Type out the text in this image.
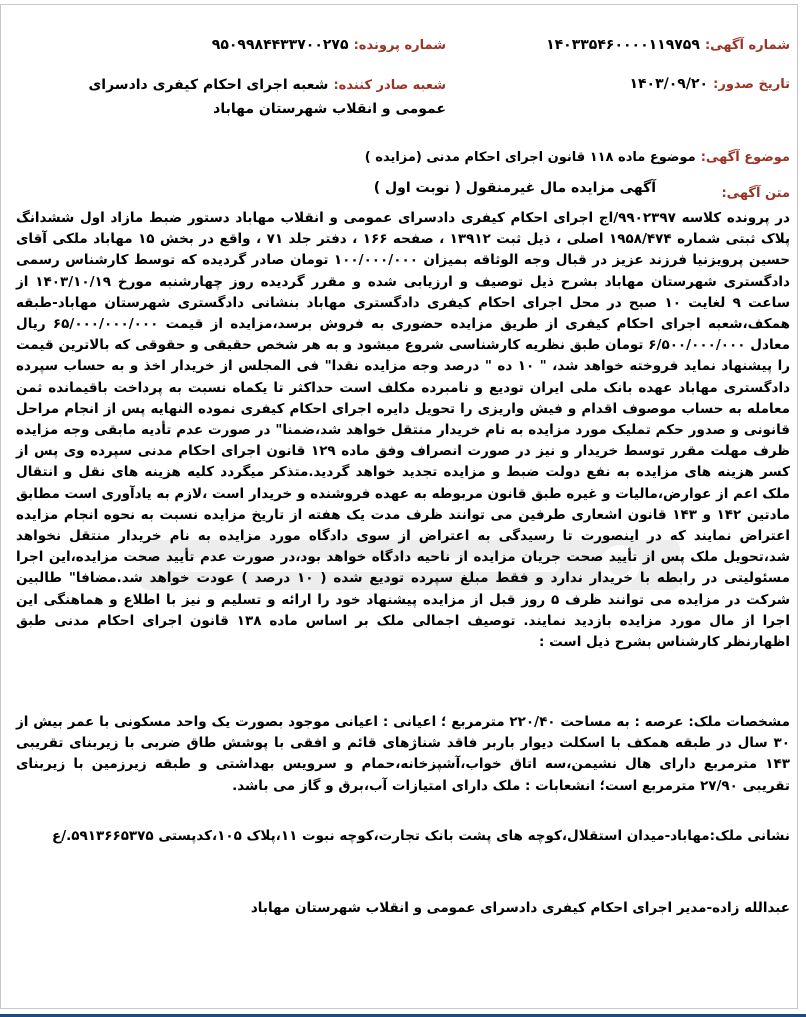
شماره آگهی: ۱۴۰۳۳۵۴۶۰۰۰۰۱۱۹۷۵۹
شماره پرونده: ۹۵۰۹۹۸۴۴۳۳۷۰۰۲۷۵
تاریخ صدور: ۱۴۰۳/۰۹/۲۰
شعبه صادر کننده: شعبه اجرای احکام کیفری دادسرای عمومی و انقلاب شهرستان مهاباد
موضوع آگهی: موضوع ماده ۱۱۸ قانون اجرای احکام مدنی (مزایده )
متن آگهی:
آگهی مزایده مال غیرمنقول ( نوبت اول )
در پرونده کلاسه ۹۹۰۲۳۹۷/اج اجرای احکام کیفری دادسرای عمومی و انقلاب مهاباد دستور ضبط مازاد اول ششدانگ پلاک ثبتی شماره ۱۹۵۸/۴۷۴ اصلی ، ذیل ثبت ۱۳۹۱۲ ، صفحه ۱۶۶ ، دفتر جلد ۷۱ ، واقع در بخش ۱۵ مهاباد ملکی آقای حسین پرویزنیا فرزند عزیز در قبال وجه الوثاقه بمیزان ۱۰۰/۰۰۰/۰۰۰ تومان صادر گردیده که توسط کارشناس رسمی دادگستری شهرستان مهاباد بشرح ذیل توصیف و ارزیابی شده و مقرر گردیده روز چهارشنبه مورخ ۱۴۰۳/۱۰/۱۹ از ساعت ۹ لغایت ۱۰ صبح در محل اجرای احکام کیفری دادگستری مهاباد بنشانی دادگستری شهرستان مهاباد-طبقه همکف،شعبه اجرای احکام کیفری از طریق مزایده حضوری به فروش برسد،مزایده از قیمت ۶۵/۰۰۰/۰۰۰/۰۰۰ ریال معادل ۶/۵۰۰/۰۰۰/۰۰۰ تومان طبق نظریه کارشناسی شروع میشود و به هر شخص حقیقی و حقوقی که بالاترین قیمت را پیشنهاد نماید فروخته خواهد شد، " ۱۰ ده " درصد وجه مزایده نقدا" فی المجلس از خریدار اخذ و به حساب سپرده دادگستری مهاباد عهده بانک ملی ایران تودیع و نامبرده مکلف است حداکثر تا یکماه نسبت به پرداخت باقیمانده ثمن معامله به حساب موصوف اقدام و فیش واریزی را تحویل دایره اجرای احکام کیفری نموده النهایه پس از انجام مراحل قانونی و صدور حکم تملیک مورد مزایده به نام خریدار منتقل خواهد شد،ضمنا" در صورت عدم تأدیه مابقی وجه مزایده ظرف مهلت مقرر توسط خریدار و نیز در صورت انصراف وفق ماده ۱۲۹ قانون اجرای احکام مدنی سپرده وی پس از کسر هزینه های مزایده به نفع دولت ضبط و مزایده تجدید خواهد گردید.متذکر میگردد کلیه هزینه های نقل و انتقال ملک اعم از عوارض،مالیات و غیره طبق قانون مربوطه به عهده فروشنده و خریدار است ،لازم به یادآوری است مطابق مادتین ۱۴۲ و ۱۴۳ قانون اشعاری طرفین می توانند ظرف مدت یک هفته از تاریخ مزایده نسبت به نحوه انجام مزایده اعتراض نمایند که در اینصورت تا رسیدگی به اعتراض از سوی دادگاه مورد مزایده به نام خریدار منتقل نخواهد شد،تحویل ملک پس از تأیید صحت جریان مزایده از ناحیه دادگاه خواهد بود،در صورت عدم تأیید صحت مزایده،این اجرا مسئولیتی در رابطه با خریدار ندارد و فقط مبلغ سپرده تودیع شده ( ۱۰ درصد ) عودت خواهد شد.مضافا" طالبین شرکت در مزایده می توانند ظرف ۵ روز قبل از مزایده پیشنهاد خود را ارائه و تسلیم و نیز با اطلاع و هماهنگی این اجرا از مال مورد مزایده بازدید نمایند. توصیف اجمالی ملک بر اساس ماده ۱۳۸ قانون اجرای احکام مدنی طبق اظهارنظر کارشناس بشرح ذیل است :
مشخصات ملک: عرصه : به مساحت ۲۲۰/۴۰ مترمربع ؛ اعیانی : اعیانی موجود بصورت یک واحد مسکونی با عمر بیش از ۳۰ سال در طبقه همکف با اسکلت دیوار باربر فاقد شناژهای قائم و افقی با پوشش طاق ضربی با زیربنای تقریبی ۱۴۳ مترمربع دارای هال نشیمن،سه اتاق خواب،آشپزخانه،حمام و سرویس بهداشتی و طبقه زیرزمین با زیربنای تقریبی ۲۷/۹۰ مترمربع است؛ انشعابات : ملک دارای امتیازات آب،برق و گاز می باشد.
نشانی ملک:مهاباد-میدان استقلال،کوچه های پشت بانک تجارت،کوچه نبوت ۱۱،پلاک ۱۰۵،کدپستی ۵۹۱۳۶۶۵۳۷۵./ع
عبدالله زاده-مدیر اجرای احکام کیفری دادسرای عمومی و انقلاب شهرستان مهاباد
